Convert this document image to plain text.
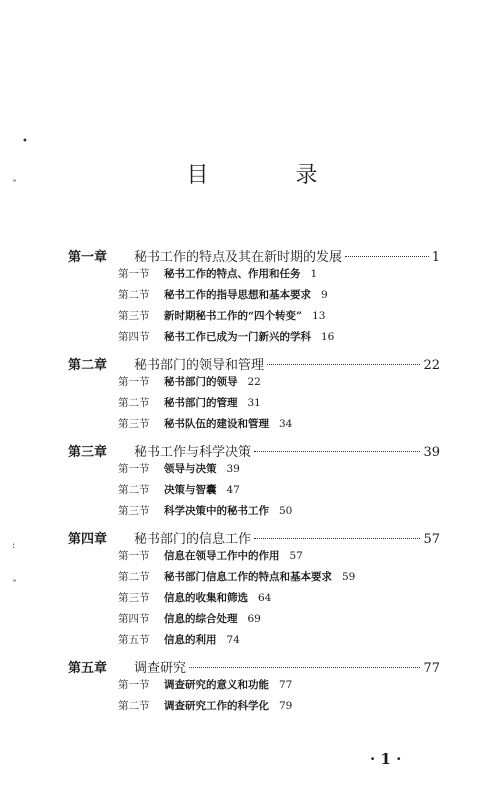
目 录
第一章	秘书工作的特点及其在新时期的发展	1
第一节	秘书工作的特点、作用和任务 1
第二节	秘书工作的指导思想和基本要求 9
第三节	新时期秘书工作的“四个转变” 13
第四节	秘书工作已成为一门新兴的学科 16
第二章	秘书部门的领导和管理	22
第一节	秘书部门的领导 22
第二节	秘书部门的管理 31
第三节	秘书队伍的建设和管理 34
第三章	秘书工作与科学决策	39
第一节	领导与决策 39
第二节	决策与智囊 47
第三节	科学决策中的秘书工作 50
第四章	秘书部门的信息工作	57
第一节	信息在领导工作中的作用 57
第二节	秘书部门信息工作的特点和基本要求 59
第三节	信息的收集和筛选 64
第四节	信息的综合处理 69
第五节	信息的利用 74
第五章	调查研究	77
第一节	调查研究的意义和功能 77
第二节	调查研究工作的科学化 79
· 1 ·
•
ˇ
:
ˇ
